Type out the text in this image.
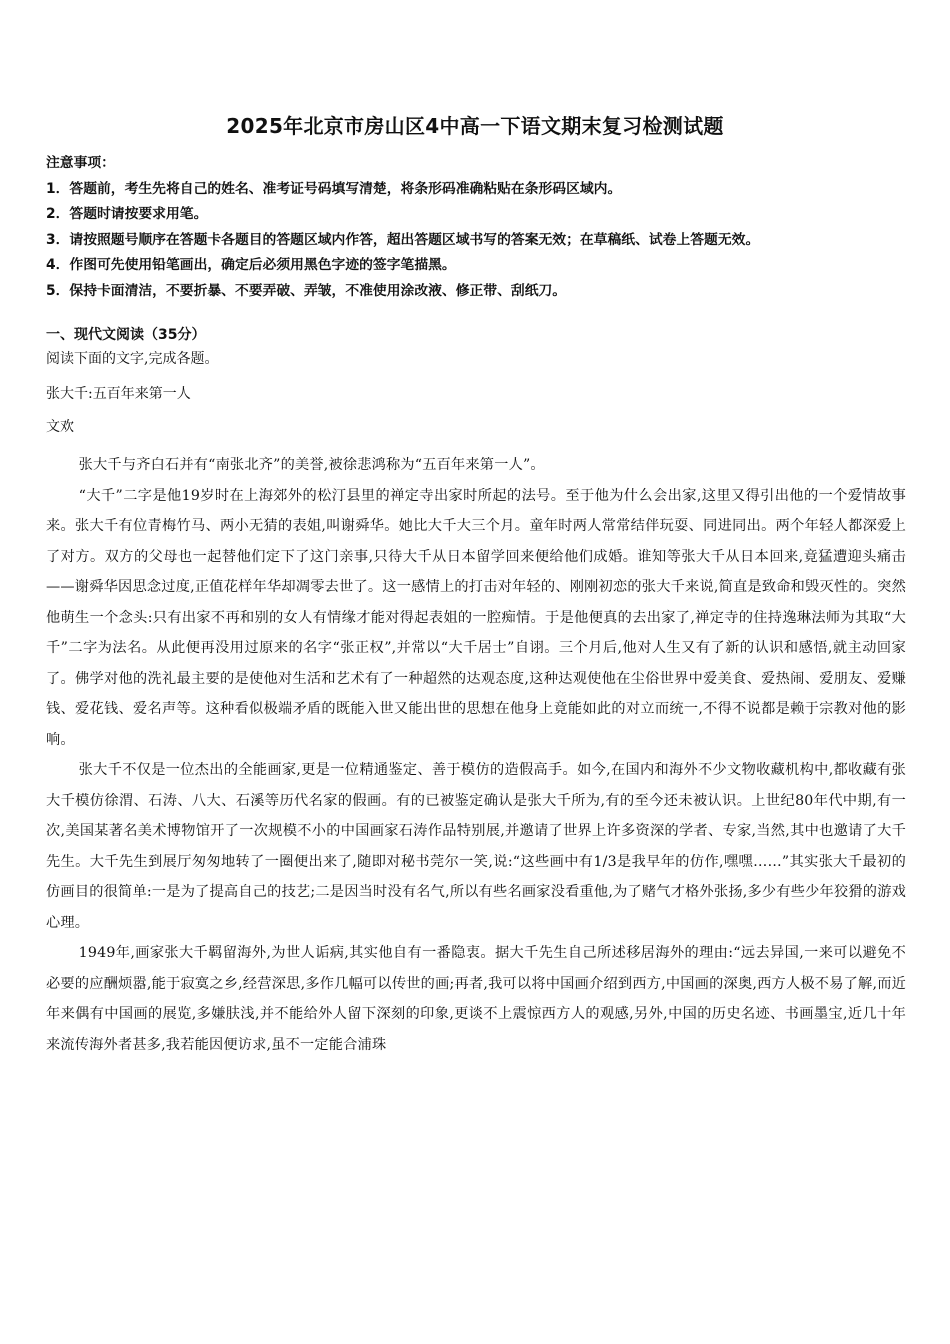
2025年北京市房山区4中高一下语文期末复习检测试题
注意事项：
1．答题前，考生先将自己的姓名、准考证号码填写清楚，将条形码准确粘贴在条形码区域内。
2．答题时请按要求用笔。
3．请按照题号顺序在答题卡各题目的答题区域内作答，超出答题区域书写的答案无效；在草稿纸、试卷上答题无效。
4．作图可先使用铅笔画出，确定后必须用黑色字迹的签字笔描黑。
5．保持卡面清洁，不要折暴、不要弄破、弄皱，不准使用涂改液、修正带、刮纸刀。
一、现代文阅读（35分）
阅读下面的文字,完成各题。
张大千:五百年来第一人
文欢

张大千与齐白石并有“南张北齐”的美誉,被徐悲鸿称为“五百年来第一人”。

“大千”二字是他19岁时在上海郊外的松汀县里的禅定寺出家时所起的法号。至于他为什么会出家,这里又得引出他的一个爱情故事来。张大千有位青梅竹马、两小无猜的表姐,叫谢舜华。她比大千大三个月。童年时两人常常结伴玩耍、同进同出。两个年轻人都深爱上了对方。双方的父母也一起替他们定下了这门亲事,只待大千从日本留学回来便给他们成婚。谁知等张大千从日本回来,竟猛遭迎头痛击——谢舜华因思念过度,正值花样年华却凋零去世了。这一感情上的打击对年轻的、刚刚初恋的张大千来说,简直是致命和毁灭性的。突然他萌生一个念头:只有出家不再和别的女人有情缘才能对得起表姐的一腔痴情。于是他便真的去出家了,禅定寺的住持逸琳法师为其取“大千”二字为法名。从此便再没用过原来的名字“张正权”,并常以“大千居士”自诩。三个月后,他对人生又有了新的认识和感悟,就主动回家了。佛学对他的洗礼最主要的是使他对生活和艺术有了一种超然的达观态度,这种达观使他在尘俗世界中爱美食、爱热闹、爱朋友、爱赚钱、爱花钱、爱名声等。这种看似极端矛盾的既能入世又能出世的思想在他身上竟能如此的对立而统一,不得不说都是赖于宗教对他的影响。

张大千不仅是一位杰出的全能画家,更是一位精通鉴定、善于模仿的造假高手。如今,在国内和海外不少文物收藏机构中,都收藏有张大千模仿徐渭、石涛、八大、石溪等历代名家的假画。有的已被鉴定确认是张大千所为,有的至今还未被认识。上世纪80年代中期,有一次,美国某著名美术博物馆开了一次规模不小的中国画家石涛作品特别展,并邀请了世界上许多资深的学者、专家,当然,其中也邀请了大千先生。大千先生到展厅匆匆地转了一圈便出来了,随即对秘书莞尔一笑,说:“这些画中有1/3是我早年的仿作,嘿嘿……”其实张大千最初的仿画目的很简单:一是为了提高自己的技艺;二是因当时没有名气,所以有些名画家没看重他,为了赌气才格外张扬,多少有些少年狡猾的游戏心理。

1949年,画家张大千羁留海外,为世人诟病,其实他自有一番隐衷。据大千先生自己所述移居海外的理由:“远去异国,一来可以避免不必要的应酬烦嚣,能于寂寞之乡,经营深思,多作几幅可以传世的画;再者,我可以将中国画介绍到西方,中国画的深奥,西方人极不易了解,而近年来偶有中国画的展览,多嫌肤浅,并不能给外人留下深刻的印象,更谈不上震惊西方人的观感,另外,中国的历史名迹、书画墨宝,近几十年来流传海外者甚多,我若能因便访求,虽不一定能合浦珠
